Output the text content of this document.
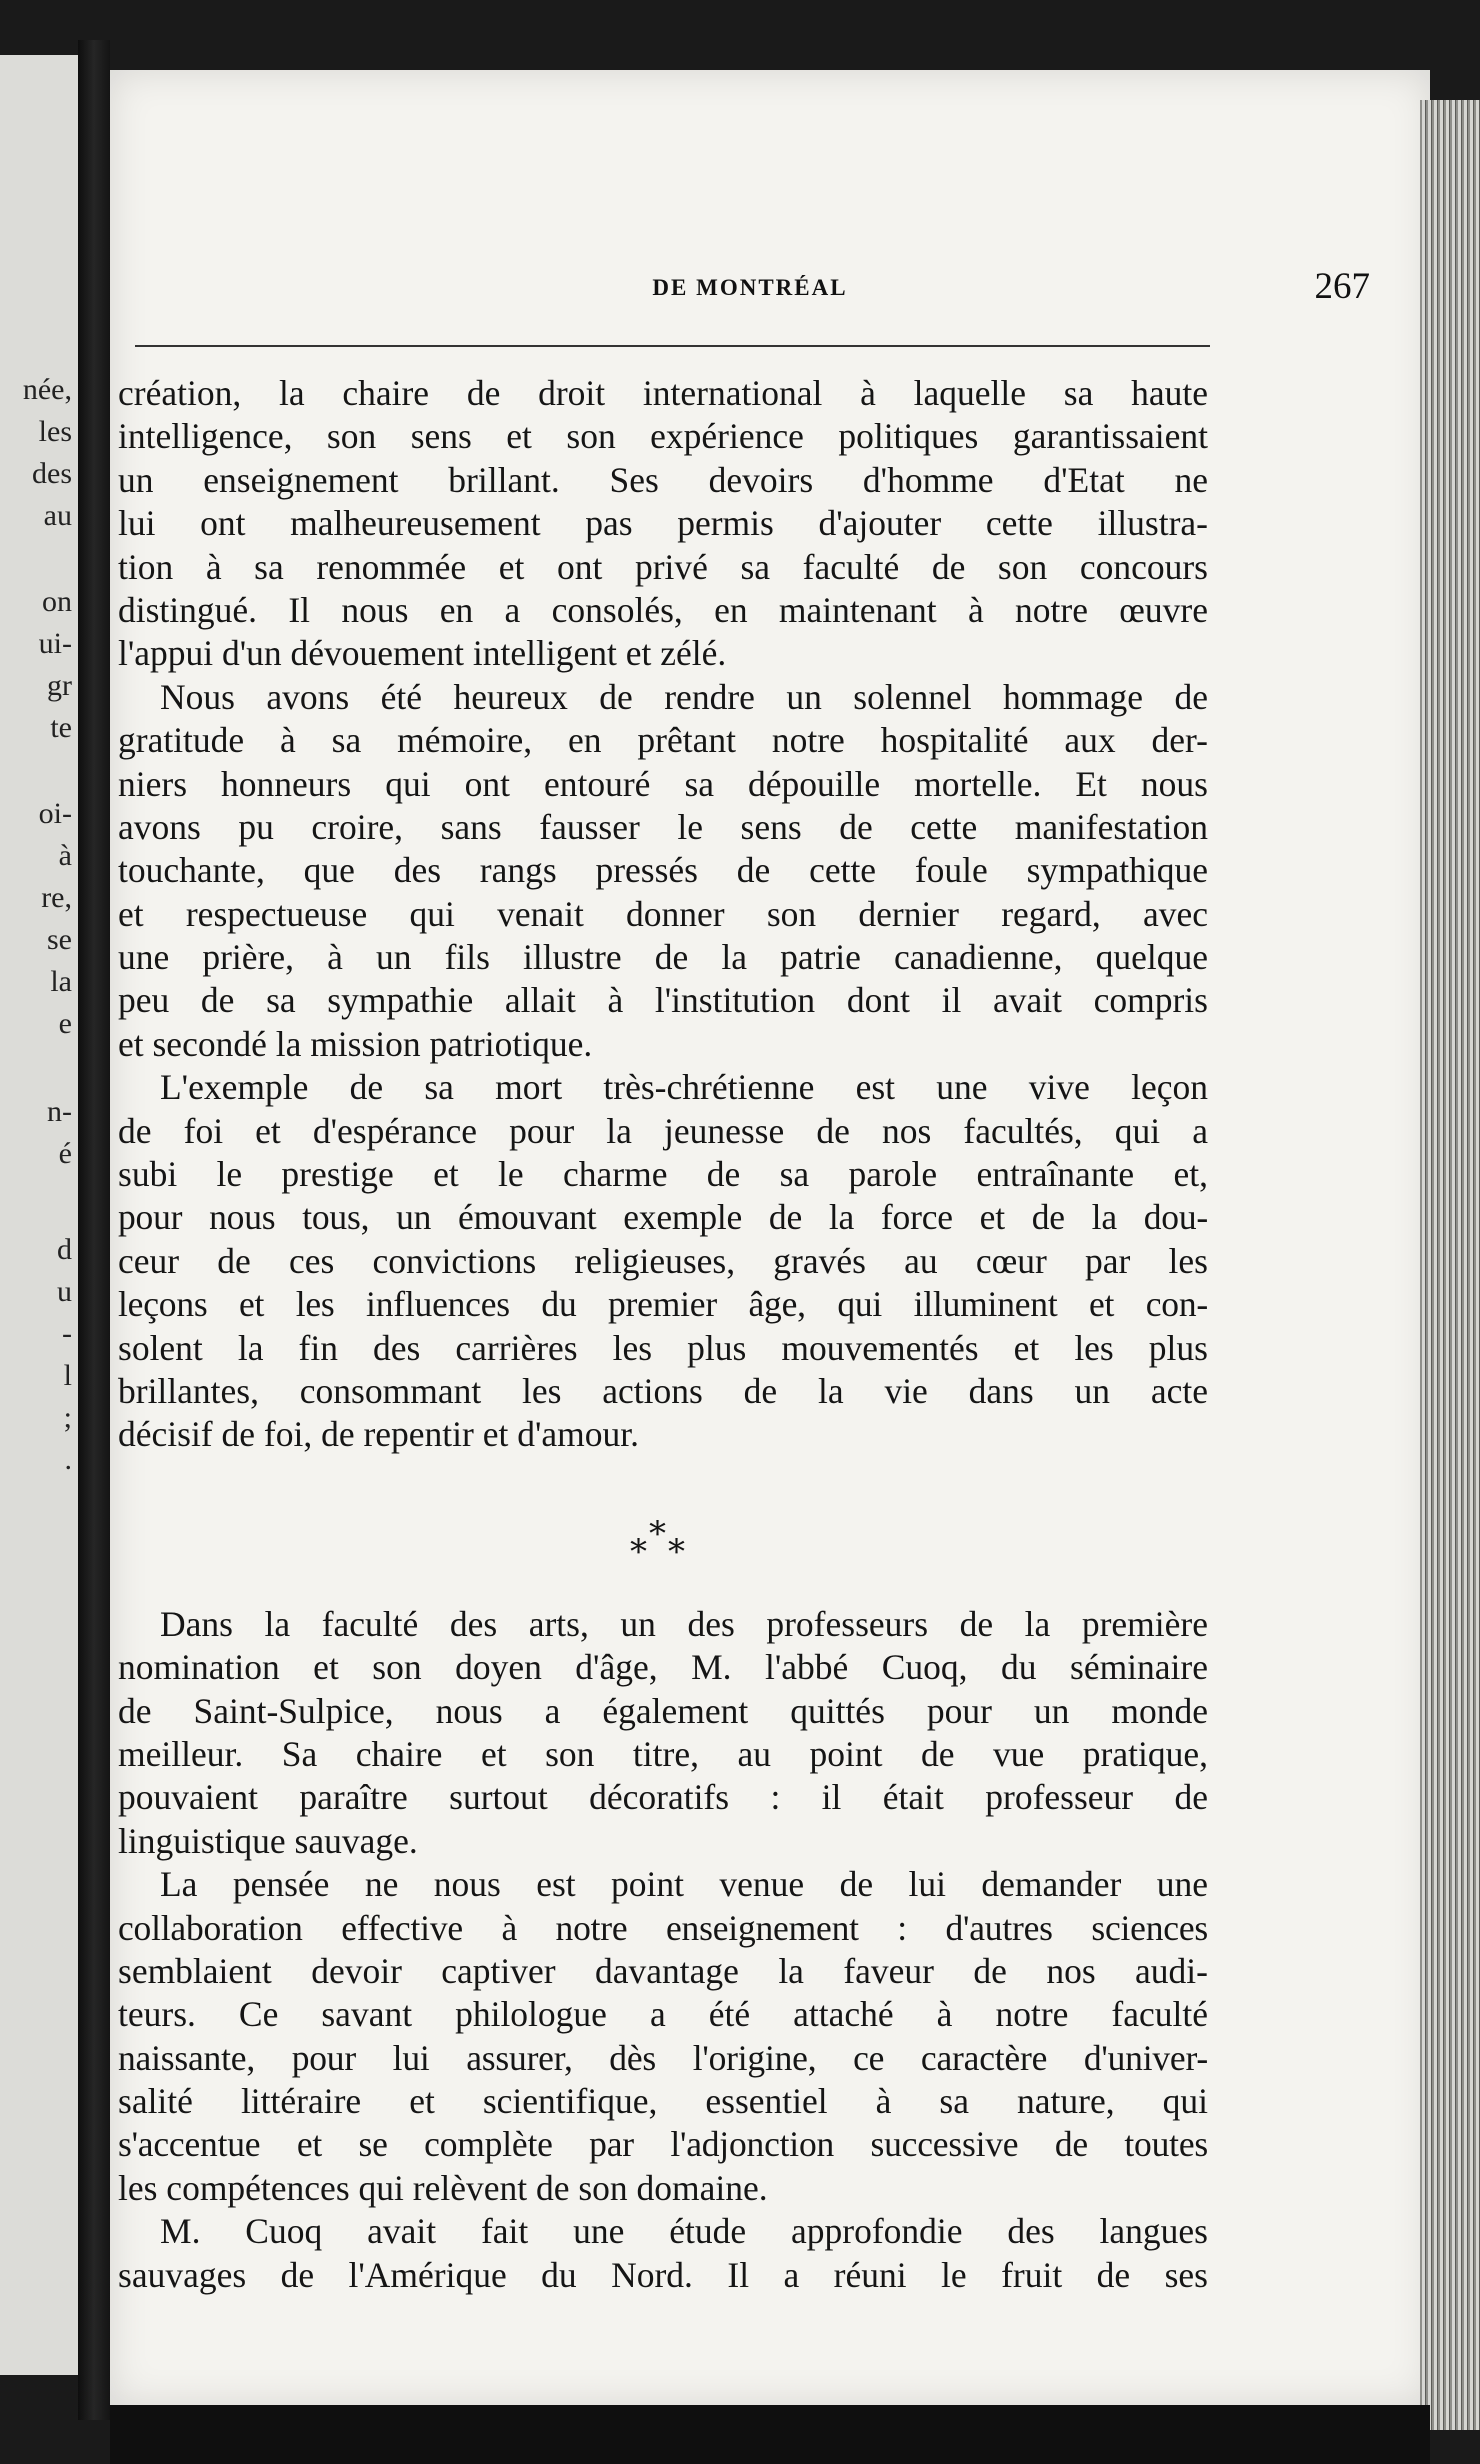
née,
les
des
au
on
ui-
gr
te
oi-
à
re,
se
la
e
n-
é
d
u
-
l
;
.
DE MONTRÉAL	267
création, la chaire de droit international à laquelle sa haute
intelligence, son sens et son expérience politiques garantissaient
un enseignement brillant. Ses devoirs d'homme d'Etat ne
lui ont malheureusement pas permis d'ajouter cette illustra-
tion à sa renommée et ont privé sa faculté de son concours
distingué. Il nous en a consolés, en maintenant à notre œuvre
l'appui d'un dévouement intelligent et zélé.
Nous avons été heureux de rendre un solennel hommage de
gratitude à sa mémoire, en prêtant notre hospitalité aux der-
niers honneurs qui ont entouré sa dépouille mortelle. Et nous
avons pu croire, sans fausser le sens de cette manifestation
touchante, que des rangs pressés de cette foule sympathique
et respectueuse qui venait donner son dernier regard, avec
une prière, à un fils illustre de la patrie canadienne, quelque
peu de sa sympathie allait à l'institution dont il avait compris
et secondé la mission patriotique.
L'exemple de sa mort très-chrétienne est une vive leçon
de foi et d'espérance pour la jeunesse de nos facultés, qui a
subi le prestige et le charme de sa parole entraînante et,
pour nous tous, un émouvant exemple de la force et de la dou-
ceur de ces convictions religieuses, gravés au cœur par les
leçons et les influences du premier âge, qui illuminent et con-
solent la fin des carrières les plus mouvementés et les plus
brillantes, consommant les actions de la vie dans un acte
décisif de foi, de repentir et d'amour.
*
* *
Dans la faculté des arts, un des professeurs de la première
nomination et son doyen d'âge, M. l'abbé Cuoq, du séminaire
de Saint-Sulpice, nous a également quittés pour un monde
meilleur. Sa chaire et son titre, au point de vue pratique,
pouvaient paraître surtout décoratifs : il était professeur de
linguistique sauvage.
La pensée ne nous est point venue de lui demander une
collaboration effective à notre enseignement : d'autres sciences
semblaient devoir captiver davantage la faveur de nos audi-
teurs. Ce savant philologue a été attaché à notre faculté
naissante, pour lui assurer, dès l'origine, ce caractère d'univer-
salité littéraire et scientifique, essentiel à sa nature, qui
s'accentue et se complète par l'adjonction successive de toutes
les compétences qui relèvent de son domaine.
M. Cuoq avait fait une étude approfondie des langues
sauvages de l'Amérique du Nord. Il a réuni le fruit de ses
